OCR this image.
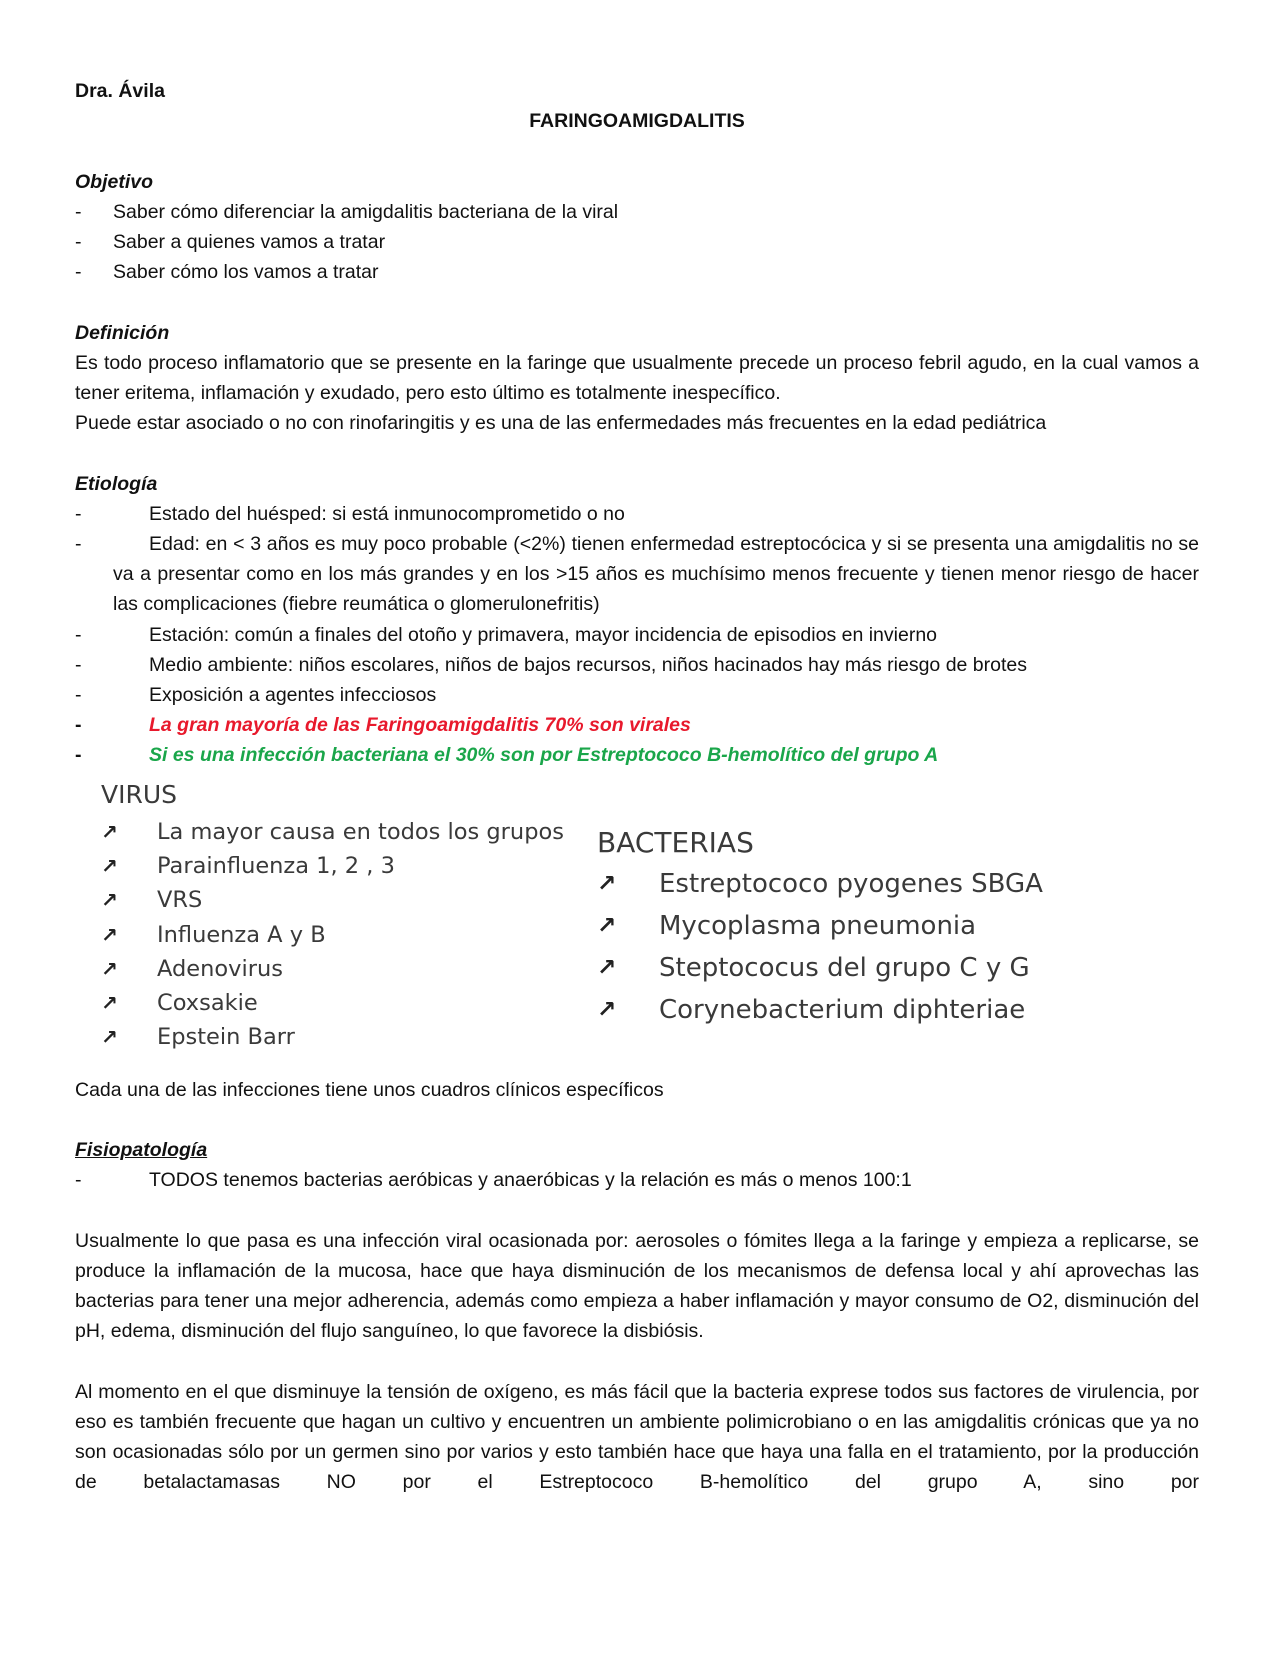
Dra. Ávila
FARINGOAMIGDALITIS
Objetivo
- Saber cómo diferenciar la amigdalitis bacteriana de la viral
- Saber a quienes vamos a tratar
- Saber cómo los vamos a tratar
Definición

Es todo proceso inflamatorio que se presente en la faringe que usualmente precede un proceso febril agudo, en la cual vamos a tener eritema, inflamación y exudado, pero esto último es totalmente inespecífico.

Puede estar asociado o no con rinofaringitis y es una de las enfermedades más frecuentes en la edad pediátrica

Etiología
-	Estado del huésped: si está inmunocomprometido o no
-	Edad: en < 3 años es muy poco probable (<2%) tienen enfermedad estreptocócica y si se presenta una amigdalitis no se va a presentar como en los más grandes y en los >15 años es muchísimo menos frecuente y tienen menor riesgo de hacer las complicaciones (fiebre reumática o glomerulonefritis)
-	Estación: común a finales del otoño y primavera, mayor incidencia de episodios en invierno
-	Medio ambiente: niños escolares, niños de bajos recursos, niños hacinados hay más riesgo de brotes
-	Exposición a agentes infecciosos
-	La gran mayoría de las Faringoamigdalitis 70% son virales
-	Si es una infección bacteriana el 30% son por Estreptococo B-hemolítico del grupo A
VIRUS
↗	La mayor causa en todos los grupos
↗	Parainfluenza 1, 2 , 3
↗	VRS
↗	Influenza A y B
↗	Adenovirus
↗	Coxsakie
↗	Epstein Barr
BACTERIAS
↗	Estreptococo pyogenes SBGA
↗	Mycoplasma pneumonia
↗	Steptococus del grupo C y G
↗	Corynebacterium diphteriae

Cada una de las infecciones tiene unos cuadros clínicos específicos

Fisiopatología
-	TODOS tenemos bacterias aeróbicas y anaeróbicas y la relación es más o menos 100:1

Usualmente lo que pasa es una infección viral ocasionada por: aerosoles o fómites llega a la faringe y empieza a replicarse, se produce la inflamación de la mucosa, hace que haya disminución de los mecanismos de defensa local y ahí aprovechas las bacterias para tener una mejor adherencia, además como empieza a haber inflamación y mayor consumo de O2, disminución del pH, edema, disminución del flujo sanguíneo, lo que favorece la disbiósis.

Al momento en el que disminuye la tensión de oxígeno, es más fácil que la bacteria exprese todos sus factores de virulencia, por eso es también frecuente que hagan un cultivo y encuentren un ambiente polimicrobiano o en las amigdalitis crónicas que ya no son ocasionadas sólo por un germen sino por varios y esto también hace que haya una falla en el tratamiento, por la producción de betalactamasas NO por el Estreptococo B-hemolítico del grupo A, sino por
